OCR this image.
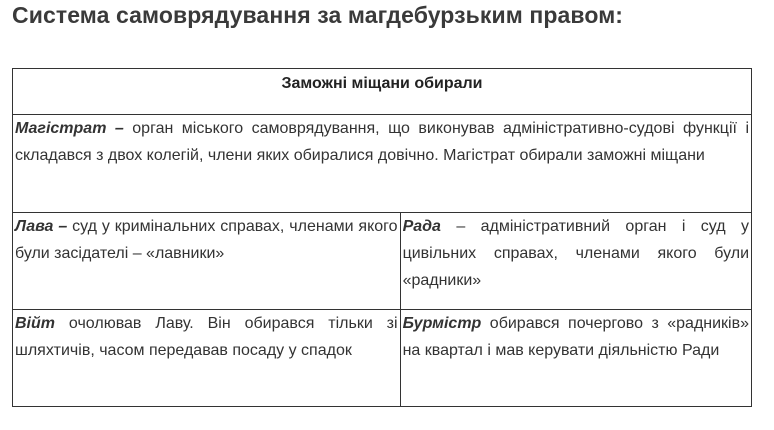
Система самоврядування за магдебурзьким правом:
Заможні міщани обирали	
Магістрат – орган міського самоврядування, що виконував адміністративно-судові функції і складався з двох колегій, члени яких обиралися довічно. Магістрат обирали заможні міщани	
Лава – суд у кримінальних справах, членами якого були засідателі – «лавники»	Рада – адміністративний орган і суд у цивільних справах, членами якого були «радники»
Війт очолював Лаву. Він обирався тільки зі шляхтичів, часом передавав посаду у спадок	Бурмістр обирався почергово з «радників» на квартал і мав керувати діяльністю Ради
